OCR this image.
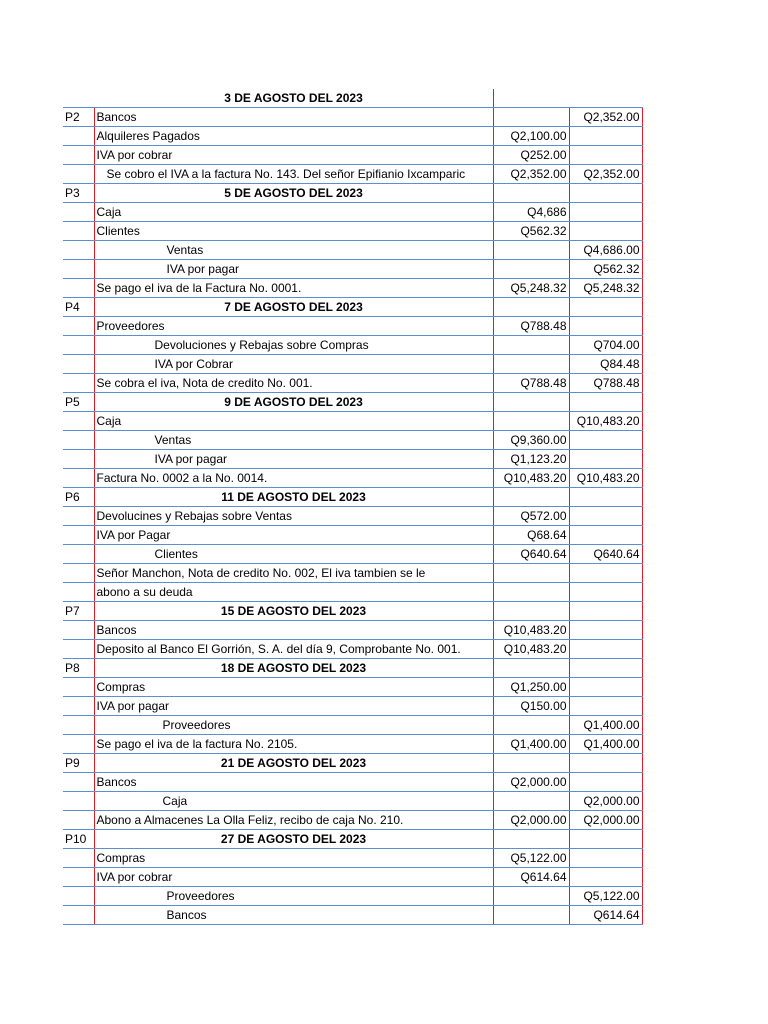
	3 DE AGOSTO DEL 2023		
P2	Bancos		Q2,352.00
	Alquileres Pagados	Q2,100.00	
	IVA por cobrar	Q252.00	
	Se cobro el IVA a la factura No. 143. Del señor Epifianio Ixcamparic	Q2,352.00	Q2,352.00
P3	5 DE AGOSTO DEL 2023		
	Caja	Q4,686	
	Clientes	Q562.32	
	Ventas		Q4,686.00
	IVA por pagar		Q562.32
	Se pago el iva de la Factura No. 0001.	Q5,248.32	Q5,248.32
P4	7 DE AGOSTO DEL 2023		
	Proveedores	Q788.48	
	Devoluciones y Rebajas sobre Compras		Q704.00
	IVA por Cobrar		Q84.48
	Se cobra el iva, Nota de credito No. 001.	Q788.48	Q788.48
P5	9 DE AGOSTO DEL 2023		
	Caja		Q10,483.20
	Ventas	Q9,360.00	
	IVA por pagar	Q1,123.20	
	Factura No. 0002 a la No. 0014.	Q10,483.20	Q10,483.20
P6	11 DE AGOSTO DEL 2023		
	Devolucines y Rebajas sobre Ventas	Q572.00	
	IVA por Pagar	Q68.64	
	Clientes	Q640.64	Q640.64
	Señor Manchon, Nota de credito No. 002, El iva tambien se le		
	abono a su deuda		
P7	15 DE AGOSTO DEL 2023		
	Bancos	Q10,483.20	
	Deposito al Banco El Gorrión, S. A. del día 9, Comprobante No. 001.	Q10,483.20	
P8	18 DE AGOSTO DEL 2023		
	Compras	Q1,250.00	
	IVA por pagar	Q150.00	
	Proveedores		Q1,400.00
	Se pago el iva de la factura No. 2105.	Q1,400.00	Q1,400.00
P9	21 DE AGOSTO DEL 2023		
	Bancos	Q2,000.00	
	Caja		Q2,000.00
	Abono a Almacenes La Olla Feliz, recibo de caja No. 210.	Q2,000.00	Q2,000.00
P10	27 DE AGOSTO DEL 2023		
	Compras	Q5,122.00	
	IVA por cobrar	Q614.64	
	Proveedores		Q5,122.00
	Bancos		Q614.64
